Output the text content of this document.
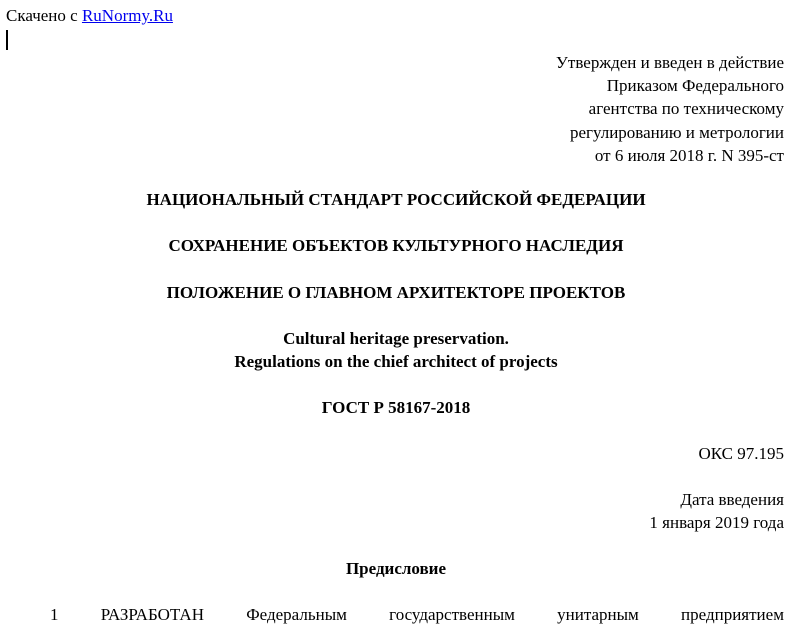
Скачено с RuNormy.Ru
Утвержден и введен в действие
Приказом Федерального
агентства по техническому
регулированию и метрологии
от 6 июля 2018 г. N 395-ст
НАЦИОНАЛЬНЫЙ СТАНДАРТ РОССИЙСКОЙ ФЕДЕРАЦИИ
СОХРАНЕНИЕ ОБЪЕКТОВ КУЛЬТУРНОГО НАСЛЕДИЯ
ПОЛОЖЕНИЕ О ГЛАВНОМ АРХИТЕКТОРЕ ПРОЕКТОВ
Cultural heritage preservation.
Regulations on the chief architect of projects
ГОСТ Р 58167-2018
ОКС 97.195
Дата введения
1 января 2019 года
Предисловие
1 РАЗРАБОТАН Федеральным государственным унитарным предприятием
